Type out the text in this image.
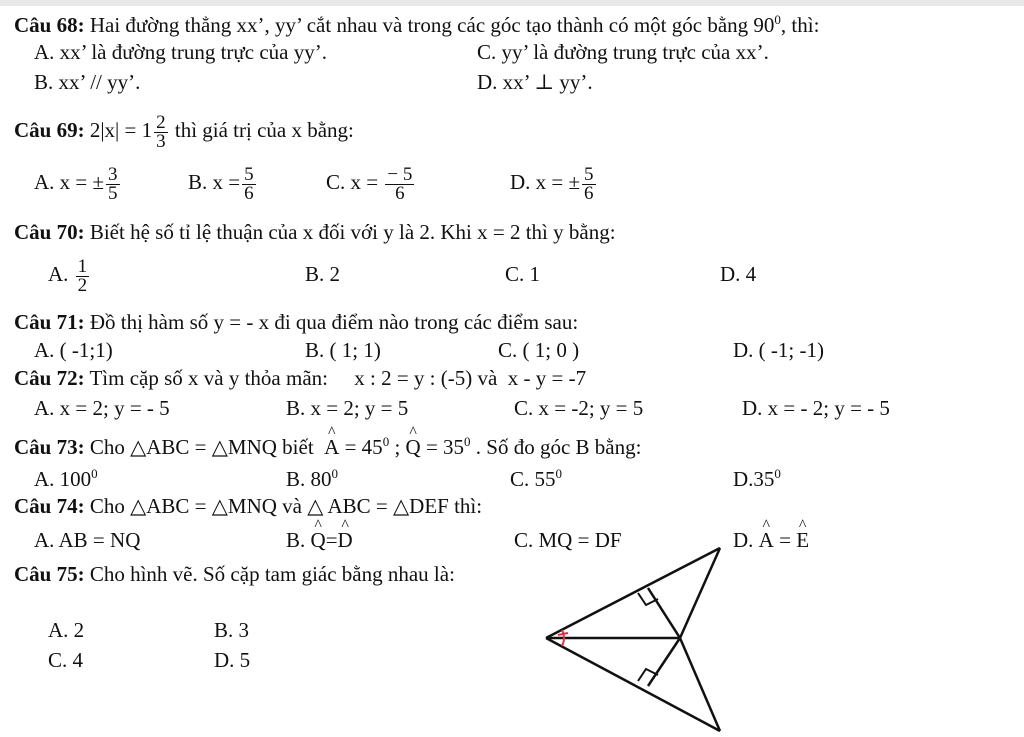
Câu 68: Hai đường thẳng xx’, yy’ cắt nhau và trong các góc tạo thành có một góc bằng $90^0$, thì:
A. xx’ là đường trung trực của yy’.	C. yy’ là đường trung trực của xx’.
B. xx’ // yy’.	D. xx’ ⊥ yy’.
Câu 69: $2|x| = 1 \frac{2}{3}$ thì giá trị của x bằng:
A. x = ± $\frac{3}{5}$	B. $x = \frac{5}{6}$	C. $x = \frac{- 5}{6}$	D. x = ± $\frac{5}{6}$
Câu 70: Biết hệ số tỉ lệ thuận của x đối với y là 2. Khi x = 2 thì y bằng:
A. $\frac{1}{2}$	B. 2	C. 1	D. 4
Câu 71: Đồ thị hàm số y = - x đi qua điểm nào trong các điểm sau:
A. ( -1;1)	B. ( 1; 1)	C. ( 1; 0 )	D. ( -1; -1)
Câu 72: Tìm cặp số x và y thỏa mãn:     x : 2 = y : (-5) và  x - y = -7
A. x = 2; y = - 5	B. x = 2; y = 5	C. x = -2; y = 5	D. x = - 2; y = - 5
Câu 73: Cho △ABC = △MNQ biết ^ $A = 45^0$ ; ^ $Q = 35^0$ . Số đo góc B bằng:
A. $100^0$	B. $80^0$	C. $55^0$	$D.35^0$
Câu 74: Cho △ABC = △MNQ và △ ABC = △DEF thì:
A. AB = NQ	B. ^ Q=^ D	C. MQ = DF	D. ^ A = ^ E
Câu 75: Cho hình vẽ. Số cặp tam giác bằng nhau là:
A. 2	B. 3
C. 4	D. 5
